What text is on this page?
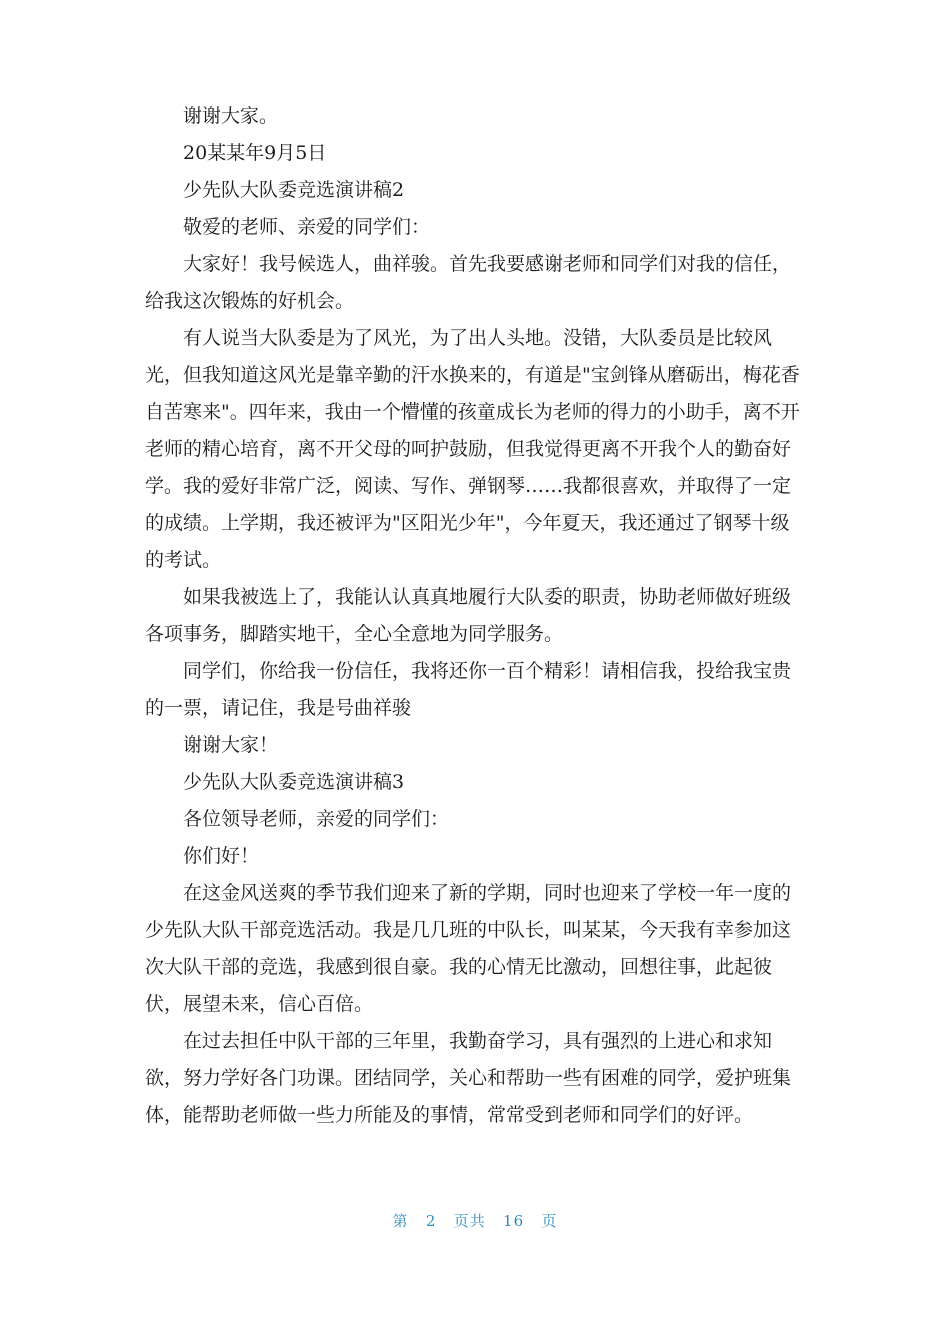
谢谢大家。
20某某年9月5日
少先队大队委竞选演讲稿2
敬爱的老师、亲爱的同学们：
大家好！我号候选人，曲祥骏。首先我要感谢老师和同学们对我的信任，
给我这次锻炼的好机会。
有人说当大队委是为了风光，为了出人头地。没错，大队委员是比较风
光，但我知道这风光是靠辛勤的汗水换来的，有道是"宝剑锋从磨砺出，梅花香
自苦寒来"。四年来，我由一个懵懂的孩童成长为老师的得力的小助手，离不开
老师的精心培育，离不开父母的呵护鼓励，但我觉得更离不开我个人的勤奋好
学。我的爱好非常广泛，阅读、写作、弹钢琴……我都很喜欢，并取得了一定
的成绩。上学期，我还被评为"区阳光少年"，今年夏天，我还通过了钢琴十级
的考试。
如果我被选上了，我能认认真真地履行大队委的职责，协助老师做好班级
各项事务，脚踏实地干，全心全意地为同学服务。
同学们，你给我一份信任，我将还你一百个精彩！请相信我，投给我宝贵
的一票，请记住，我是号曲祥骏
谢谢大家！
少先队大队委竞选演讲稿3
各位领导老师，亲爱的同学们：
你们好！
在这金风送爽的季节我们迎来了新的学期，同时也迎来了学校一年一度的
少先队大队干部竞选活动。我是几几班的中队长，叫某某，今天我有幸参加这
次大队干部的竞选，我感到很自豪。我的心情无比激动，回想往事，此起彼
伏，展望未来，信心百倍。
在过去担任中队干部的三年里，我勤奋学习，具有强烈的上进心和求知
欲，努力学好各门功课。团结同学，关心和帮助一些有困难的同学，爱护班集
体，能帮助老师做一些力所能及的事情，常常受到老师和同学们的好评。
第 2 页共 16 页
